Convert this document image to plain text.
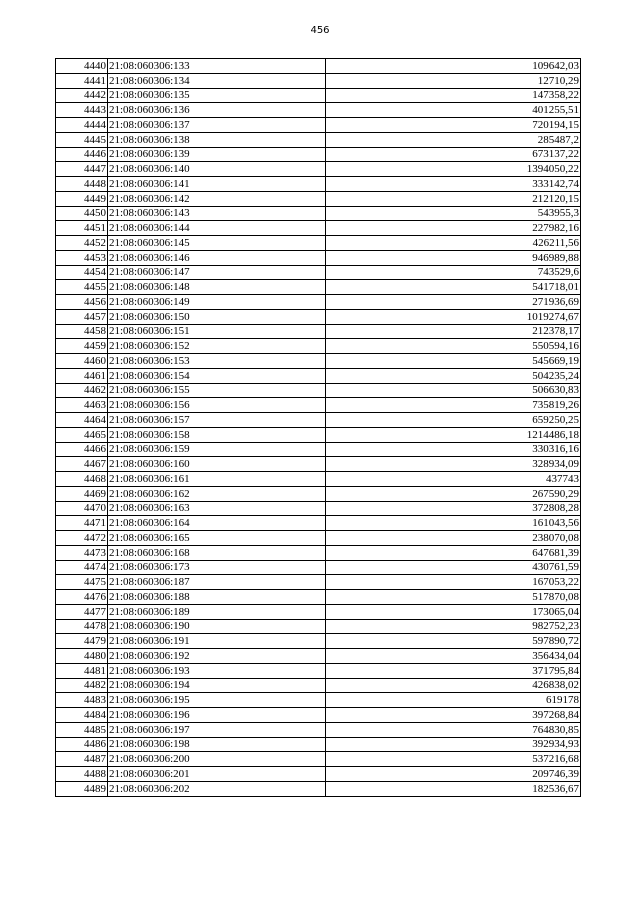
456
4440	21:08:060306:133	109642,03
4441	21:08:060306:134	12710,29
4442	21:08:060306:135	147358,22
4443	21:08:060306:136	401255,51
4444	21:08:060306:137	720194,15
4445	21:08:060306:138	285487,2
4446	21:08:060306:139	673137,22
4447	21:08:060306:140	1394050,22
4448	21:08:060306:141	333142,74
4449	21:08:060306:142	212120,15
4450	21:08:060306:143	543955,3
4451	21:08:060306:144	227982,16
4452	21:08:060306:145	426211,56
4453	21:08:060306:146	946989,88
4454	21:08:060306:147	743529,6
4455	21:08:060306:148	541718,01
4456	21:08:060306:149	271936,69
4457	21:08:060306:150	1019274,67
4458	21:08:060306:151	212378,17
4459	21:08:060306:152	550594,16
4460	21:08:060306:153	545669,19
4461	21:08:060306:154	504235,24
4462	21:08:060306:155	506630,83
4463	21:08:060306:156	735819,26
4464	21:08:060306:157	659250,25
4465	21:08:060306:158	1214486,18
4466	21:08:060306:159	330316,16
4467	21:08:060306:160	328934,09
4468	21:08:060306:161	437743
4469	21:08:060306:162	267590,29
4470	21:08:060306:163	372808,28
4471	21:08:060306:164	161043,56
4472	21:08:060306:165	238070,08
4473	21:08:060306:168	647681,39
4474	21:08:060306:173	430761,59
4475	21:08:060306:187	167053,22
4476	21:08:060306:188	517870,08
4477	21:08:060306:189	173065,04
4478	21:08:060306:190	982752,23
4479	21:08:060306:191	597890,72
4480	21:08:060306:192	356434,04
4481	21:08:060306:193	371795,84
4482	21:08:060306:194	426838,02
4483	21:08:060306:195	619178
4484	21:08:060306:196	397268,84
4485	21:08:060306:197	764830,85
4486	21:08:060306:198	392934,93
4487	21:08:060306:200	537216,68
4488	21:08:060306:201	209746,39
4489	21:08:060306:202	182536,67
